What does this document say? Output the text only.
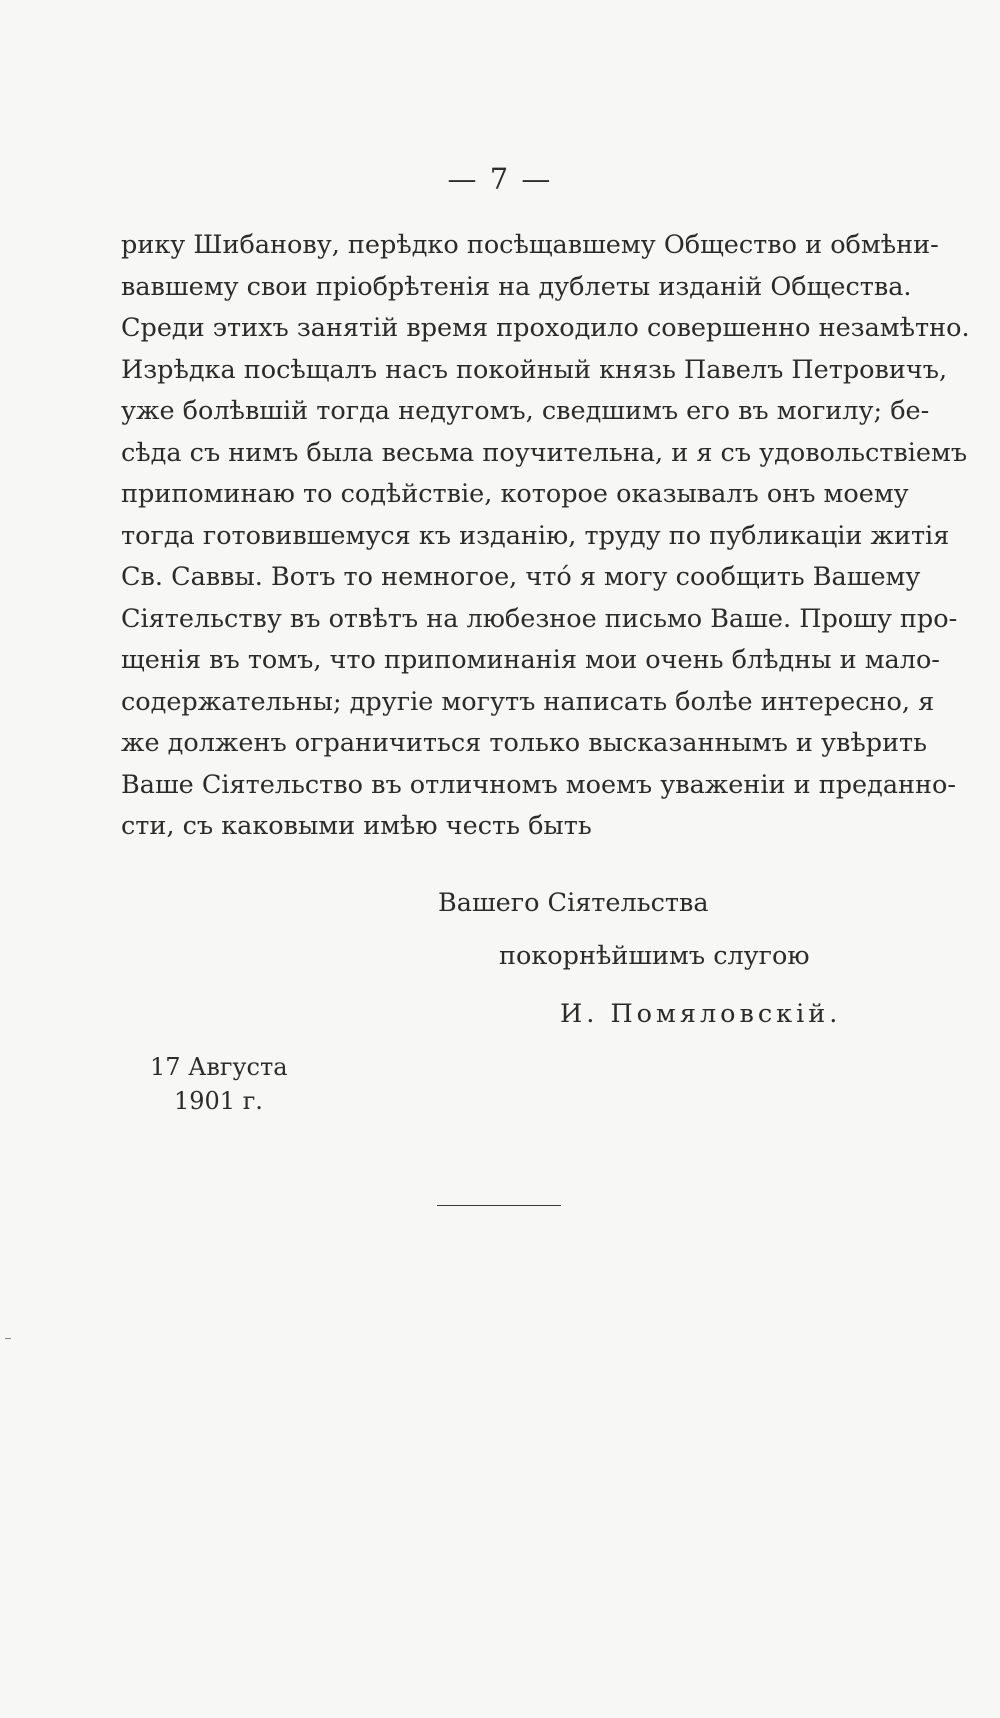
— 7 —
рику Шибанову, перѣдко посѣщавшему Общество и обмѣни-
вавшему свои пріобрѣтенія на дублеты изданій Общества.
Среди этихъ занятій время проходило совершенно незамѣтно.
Изрѣдка посѣщалъ насъ покойный князь Павелъ Петровичъ,
уже болѣвшій тогда недугомъ, сведшимъ его въ могилу; бе-
сѣда съ нимъ была весьма поучительна, и я съ удовольствіемъ
припоминаю то содѣйствіе, которое оказывалъ онъ моему
тогда готовившемуся къ изданію, труду по публикаціи житія
Св. Саввы. Вотъ то немногое, чтó я могу сообщить Вашему
Сіятельству въ отвѣтъ на любезное письмо Ваше. Прошу про-
щенія въ томъ, что припоминанія мои очень блѣдны и мало-
содержательны; другіе могутъ написать болѣе интересно, я
же долженъ ограничиться только высказаннымъ и увѣрить
Ваше Сіятельство въ отличномъ моемъ уваженіи и преданно-
сти, съ каковыми имѣю честь быть
Вашего Сіятельства
покорнѣйшимъ слугою
И. Помяловскій.
17 Августа
1901 г.
